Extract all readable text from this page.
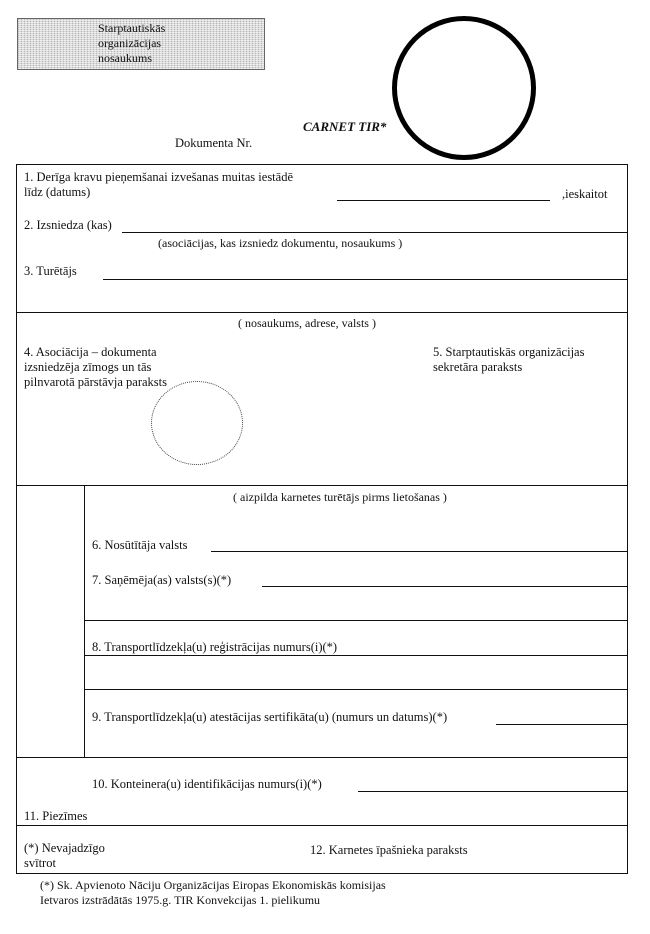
Starptautiskās
organizācijas
nosaukums
CARNET TIR*
Dokumenta Nr.
1. Derīga kravu pieņemšanai izvešanas muitas iestādē
līdz (datums)	,ieskaitot
2. Izsniedza (kas)
(asociācijas, kas izsniedz dokumentu, nosaukums )
3. Turētājs
( nosaukums, adrese, valsts )
4. Asociācija – dokumenta
izsniedzēja zīmogs un tās
pilnvarotā pārstāvja paraksts
5. Starptautiskās organizācijas
sekretāra paraksts
( aizpilda karnetes turētājs pirms lietošanas )
6. Nosūtītāja valsts
7. Saņēmēja(as) valsts(s)(*)
8. Transportlīdzekļa(u) reģistrācijas numurs(i)(*)
9. Transportlīdzekļa(u) atestācijas sertifikāta(u) (numurs un datums)(*)
10. Konteinera(u) identifikācijas numurs(i)(*)
11. Piezīmes
(*) Nevajadzīgo
svītrot
12. Karnetes īpašnieka paraksts
(*) Sk. Apvienoto Nāciju Organizācijas Eiropas Ekonomiskās komisijas
Ietvaros izstrādātās 1975.g. TIR Konvekcijas 1. pielikumu
